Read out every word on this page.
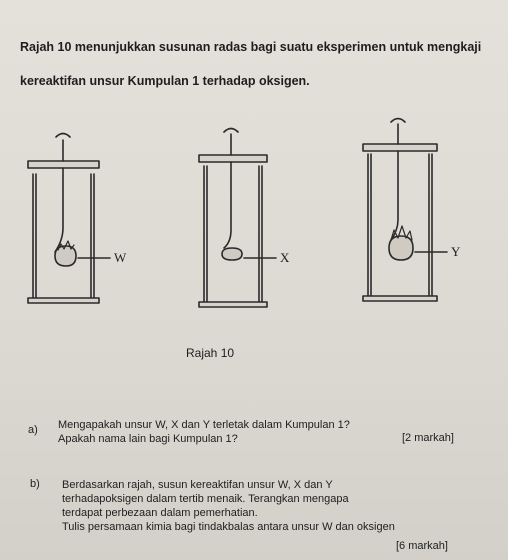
Rajah 10 menunjukkan susunan radas bagi suatu eksperimen untuk mengkaji
kereaktifan unsur Kumpulan 1 terhadap oksigen.
W	X	Y
Rajah 10
a) Mengapakah unsur W, X dan Y terletak dalam Kumpulan 1?
Apakah nama lain bagi Kumpulan 1?	[2 markah]
b) Berdasarkan rajah, susun kereaktifan unsur W, X dan Y
terhadapoksigen dalam tertib menaik. Terangkan mengapa
terdapat perbezaan dalam pemerhatian.
Tulis persamaan kimia bagi tindakbalas antara unsur W dan oksigen
[6 markah]
